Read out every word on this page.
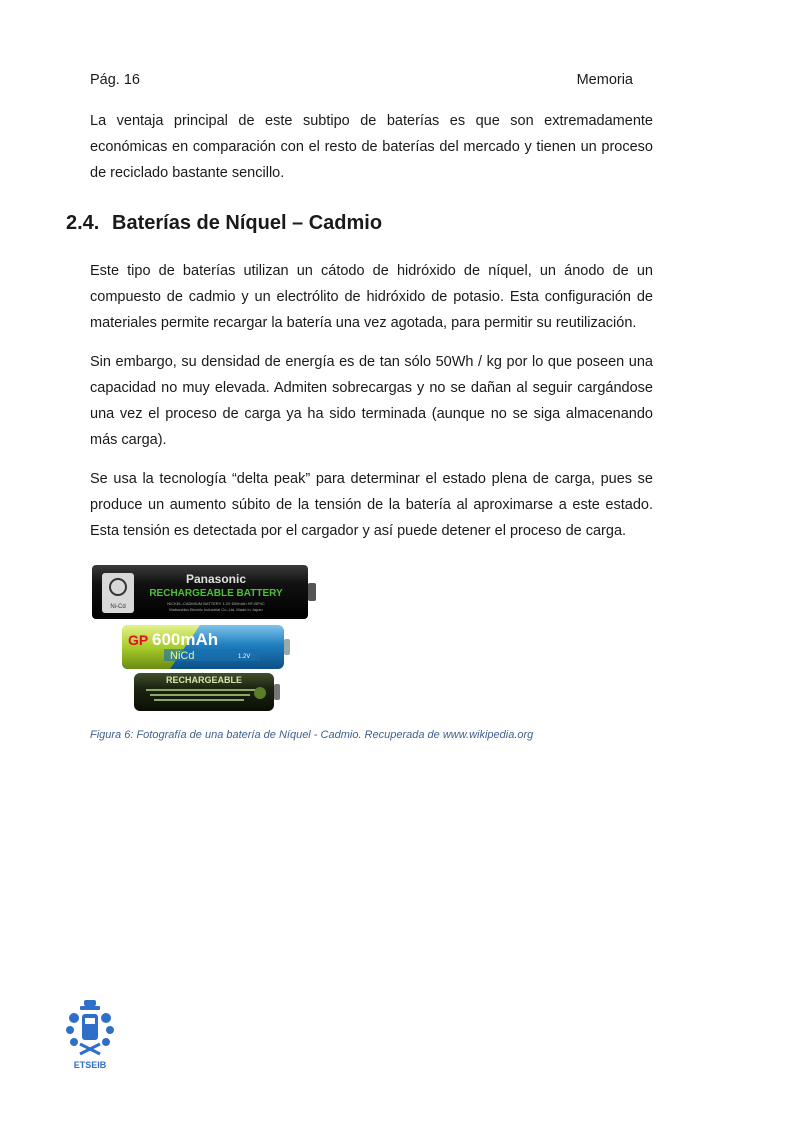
Pág. 16	Memoria

La ventaja principal de este subtipo de baterías es que son extremadamente económicas en comparación con el resto de baterías del mercado y tienen un proceso de reciclado bastante sencillo.

2.4. Baterías de Níquel – Cadmio

Este tipo de baterías utilizan un cátodo de hidróxido de níquel, un ánodo de un compuesto de cadmio y un electrólito de hidróxido de potasio. Esta configuración de materiales permite recargar la batería una vez agotada, para permitir su reutilización.

Sin embargo, su densidad de energía es de tan sólo 50Wh / kg por lo que poseen una capacidad no muy elevada. Admiten sobrecargas y no se dañan al seguir cargándose una vez el proceso de carga ya ha sido terminada (aunque no se siga almacenando más carga).

Se usa la tecnología “delta peak” para determinar el estado plena de carga, pues se produce un aumento súbito de la tensión de la batería al aproximarse a este estado. Esta tensión es detectada por el cargador y así puede detener el proceso de carga.

Ni-Cd
Panasonic
RECHARGEABLE BATTERY
NICKEL-CADMIUM BATTERY 1.2V 600mAh HF-BP4C
Matsushita Electric Industrial Co.,Ltd. Made in Japan
GP 600mAh
NiCd	1.2V
RECHARGEABLE
Figura 6: Fotografía de una batería de Níquel - Cadmio. Recuperada de www.wikipedia.org
ETSEIB
